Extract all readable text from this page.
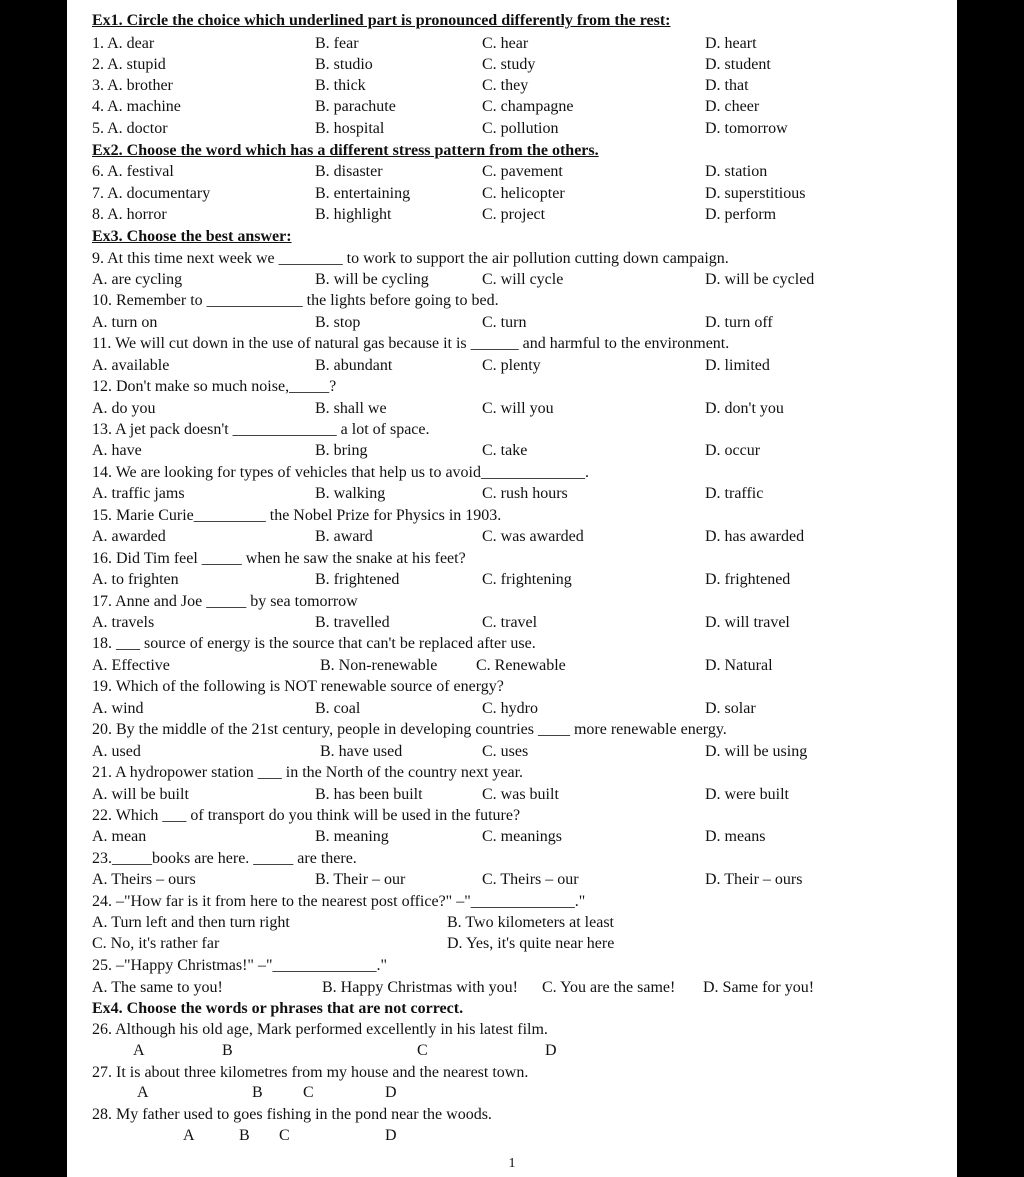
Ex1. Circle the choice which underlined part is pronounced differently from the rest:
1. A. dear	B. fear	C. hear	D. heart
2. A. stupid	B. studio	C. study	D. student
3. A. brother	B. thick	C. they	D. that
4. A. machine	B. parachute	C. champagne	D. cheer
5. A. doctor	B. hospital	C. pollution	D. tomorrow
Ex2. Choose the word which has a different stress pattern from the others.
6. A. festival	B. disaster	C. pavement	D. station
7. A. documentary	B. entertaining	C. helicopter	D. superstitious
8. A. horror	B. highlight	C. project	D. perform
Ex3. Choose the best answer:
9. At this time next week we ________ to work to support the air pollution cutting down campaign.
A. are cycling	B. will be cycling	C. will cycle	D. will be cycled
10. Remember to ____________ the lights before going to bed.
A. turn on	B. stop	C. turn	D. turn off
11. We will cut down in the use of natural gas because it is ______ and harmful to the environment.
A. available	B. abundant	C. plenty	D. limited
12. Don't make so much noise,_____?
A. do you	B. shall we	C. will you	D. don't you
13. A jet pack doesn't _____________ a lot of space.
A. have	B. bring	C. take	D. occur
14. We are looking for types of vehicles that help us to avoid_____________.
A. traffic jams	B. walking	C. rush hours	D. traffic
15. Marie Curie_________ the Nobel Prize for Physics in 1903.
A. awarded	B. award	C. was awarded	D. has awarded
16. Did Tim feel _____ when he saw the snake at his feet?
A. to frighten	B. frightened	C. frightening	D. frightened
17. Anne and Joe _____ by sea tomorrow
A. travels	B. travelled	C. travel	D. will travel
18. ___ source of energy is the source that can't be replaced after use.
A. Effective	B. Non-renewable C. Renewable	D. Natural
19. Which of the following is NOT renewable source of energy?
A. wind	B. coal	C. hydro	D. solar
20. By the middle of the 21st century, people in developing countries ____ more renewable energy.
A. used	B. have used	C. uses	D. will be using
21. A hydropower station ___ in the North of the country next year.
A. will be built	B. has been built	C. was built	D. were built
22. Which ___ of transport do you think will be used in the future?
A. mean	B. meaning	C. meanings	D. means
23._____books are here. _____ are there.
A. Theirs – ours	B. Their – our	C. Theirs – our	D. Their – ours
24. –"How far is it from here to the nearest post office?" –"_____________."
A. Turn left and then turn right	B. Two kilometers at least
C. No, it's rather far	D. Yes, it's quite near here
25. –"Happy Christmas!" –"_____________."
A. The same to you!	B. Happy Christmas with you! C. You are the same! D. Same for you!
Ex4. Choose the words or phrases that are not correct.
26. Although his old age, Mark performed excellently in his latest film.
A	B	C	D
27. It is about three kilometres from my house and the nearest town.
A	B	C	D
28. My father used to goes fishing in the pond near the woods.
A	B C	D
1
